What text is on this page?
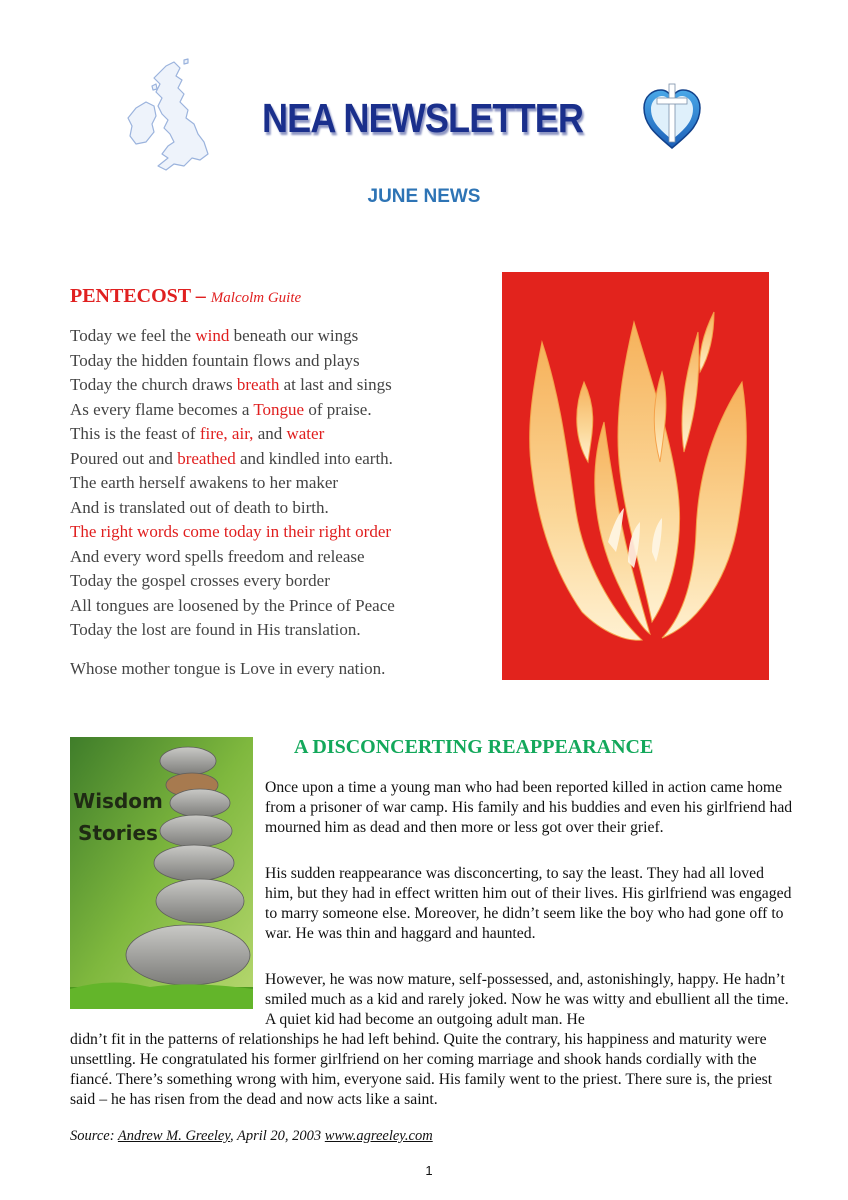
NEA NEWSLETTER
JUNE NEWS
PENTECOST – Malcolm Guite
Today we feel the wind beneath our wings
Today the hidden fountain flows and plays
Today the church draws breath at last and sings
As every flame becomes a Tongue of praise.
This is the feast of fire, air, and water
Poured out and breathed and kindled into earth.
The earth herself awakens to her maker
And is translated out of death to birth.
The right words come today in their right order
And every word spells freedom and release
Today the gospel crosses every border
All tongues are loosened by the Prince of Peace
Today the lost are found in His translation.
Whose mother tongue is Love in every nation.
Wisdom
Stories
A DISCONCERTING REAPPEARANCE
Once upon a time a young man who had been reported killed in action came home from a prisoner of war camp. His family and his buddies and even his girlfriend had mourned him as dead and then more or less got over their grief.
His sudden reappearance was disconcerting, to say the least. They had all loved him, but they had in effect written him out of their lives. His girlfriend was engaged to marry someone else. Moreover, he didn’t seem like the boy who had gone off to war. He was thin and haggard and haunted.
However, he was now mature, self-possessed, and, astonishingly, happy. He hadn’t smiled much as a kid and rarely joked. Now he was witty and ebullient all the time. A quiet kid had become an outgoing adult man. He
didn’t fit in the patterns of relationships he had left behind. Quite the contrary, his happiness and maturity were unsettling. He congratulated his former girlfriend on her coming marriage and shook hands cordially with the fiancé. There’s something wrong with him, everyone said. His family went to the priest. There sure is, the priest said – he has risen from the dead and now acts like a saint.
Source: Andrew M. Greeley, April 20, 2003 www.agreeley.com
1
